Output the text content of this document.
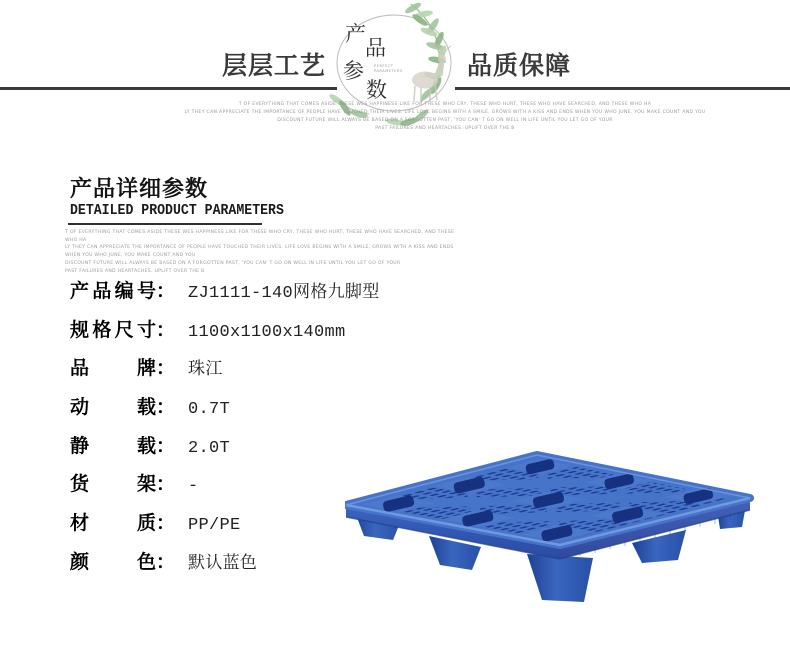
层层工艺	品质保障
产
品
参
数
PERFECT
PARAMETERS
T OF EVERYTHING THAT COMES ASIDE THESE WES HAPPINESS LIKE FOR THESE WHO CRY, THESE WHO HURT, THESE WHO HAVE SEARCHED, AND THESE WHO HA
LY THEY CAN APPRECIATE THE IMPORTANCE OF PEOPLE HAVE TOUCHED THEIR LIVES. LIFE LOVE BEGINS WITH A SMILE, GROWS WITH A KISS AND ENDS WHEN YOU WHO JUNE, YOU MAKE COUNT AND YOU
DISCOUNT FUTURE WILL ALWAYS BE BASED ON A FORGOTTEN PAST, 'YOU CAN' T GO ON WELL IN LIFE UNTIL YOU LET GO OF YOUR
PAST FAILURES AND HEARTACHES. UPLIFT OVER THE B
产品详细参数
DETAILED PRODUCT PARAMETERS
T OF EVERYTHING THAT COMES ASIDE THESE WES HAPPINESS LIKE FOR THESE WHO CRY, THESE WHO HURT, THESE WHO HAVE SEARCHED, AND THESE WHO HA
LY THEY CAN APPRECIATE THE IMPORTANCE OF PEOPLE HAVE TOUCHED THEIR LIVES. LIFE LOVE BEGINS WITH A SMILE, GROWS WITH A KISS AND ENDS WHEN YOU WHO JUNE, YOU MAKE COUNT AND YOU
DISCOUNT FUTURE WILL ALWAYS BE BASED ON A FORGOTTEN PAST, 'YOU CAN' T GO ON WELL IN LIFE UNTIL YOU LET GO OF YOUR
PAST FAILURES AND HEARTACHES. UPLIFT OVER THE B
产品编号 ： ZJ1111-140网格九脚型
规格尺寸 ： 1100x1100x140mm
品牌 ： 珠江
动载 ： 0.7T
静载 ： 2.0T
货架 ： -
材质 ： PP/PE
颜色 ： 默认蓝色
